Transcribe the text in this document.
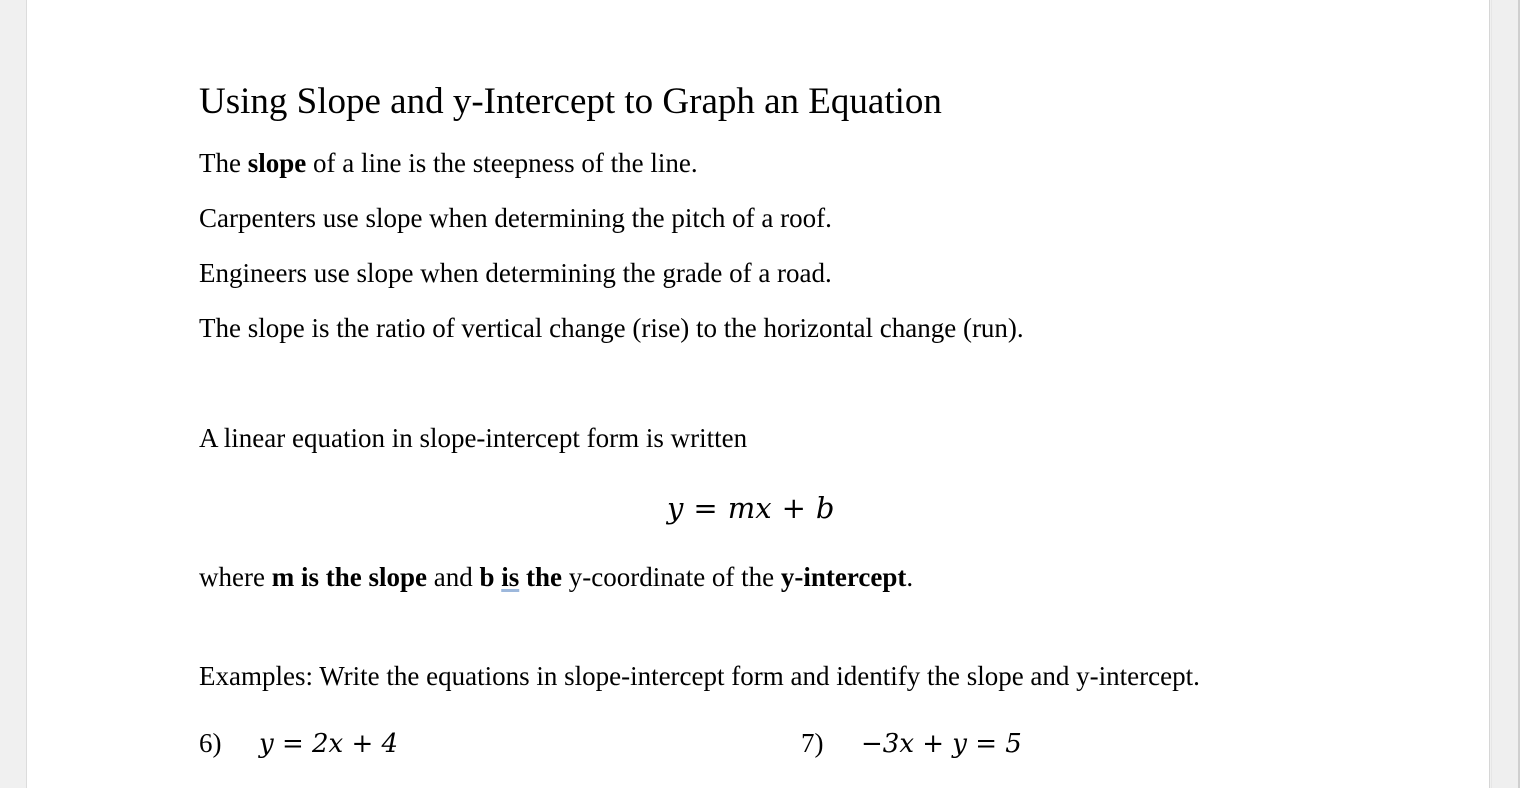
Using Slope and y-Intercept to Graph an Equation

The slope of a line is the steepness of the line.

Carpenters use slope when determining the pitch of a roof.

Engineers use slope when determining the grade of a road.

The slope is the ratio of vertical change (rise) to the horizontal change (run).

A linear equation in slope-intercept form is written

y = mx + b

where m is the slope and b is the y-coordinate of the y-intercept.

Examples: Write the equations in slope-intercept form and identify the slope and y-intercept.

6) y = 2x + 4	7) −3x + y = 5
